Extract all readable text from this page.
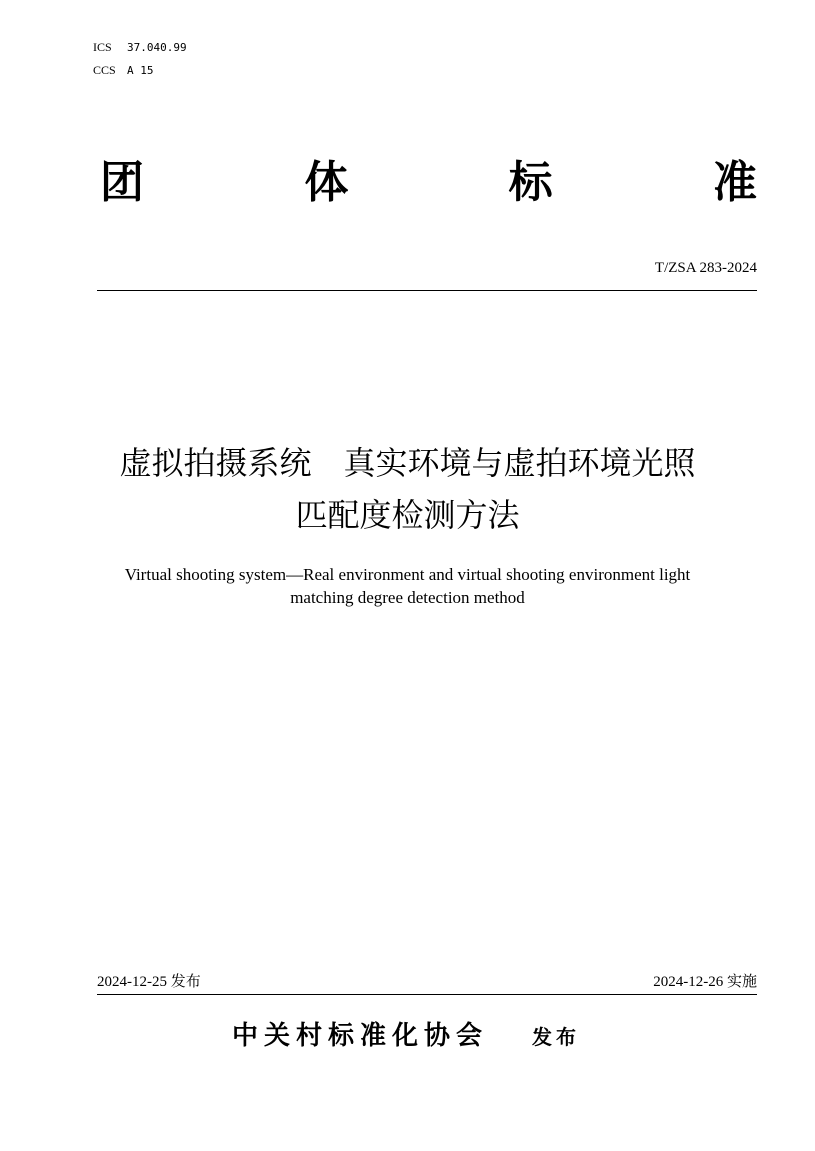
ICS 37.040.99
CCS A 15
团	体	标	准
T/ZSA 283-2024
虚拟拍摄系统　真实环境与虚拍环境光照
匹配度检测方法
Virtual shooting system—Real environment and virtual shooting environment light
matching degree detection method
2024-12-25 发布	2024-12-26 实施
中关村标准化协会 发布
